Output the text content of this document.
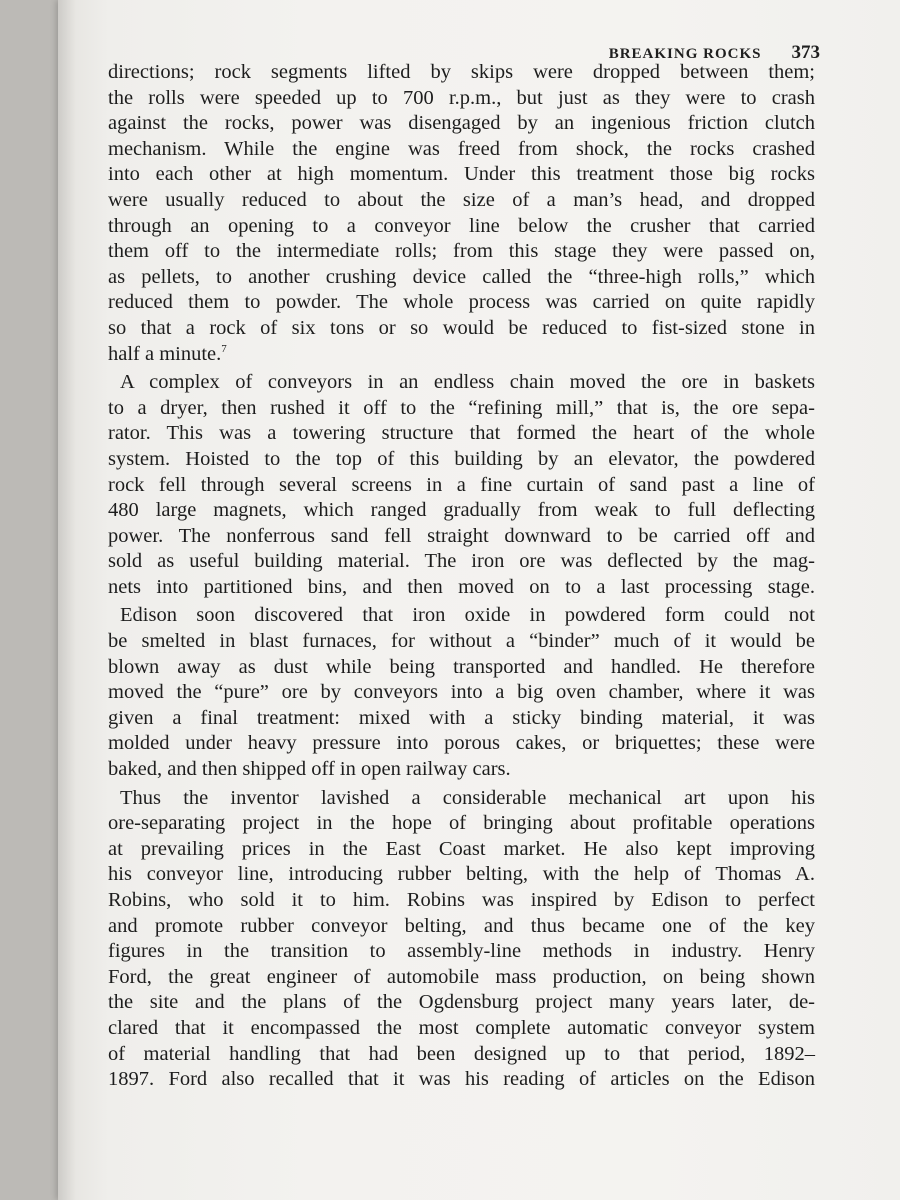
BREAKING ROCKS 373
directions; rock segments lifted by skips were dropped between them;
the rolls were speeded up to 700 r.p.m., but just as they were to crash
against the rocks, power was disengaged by an ingenious friction clutch
mechanism. While the engine was freed from shock, the rocks crashed
into each other at high momentum. Under this treatment those big rocks
were usually reduced to about the size of a man’s head, and dropped
through an opening to a conveyor line below the crusher that carried
them off to the intermediate rolls; from this stage they were passed on,
as pellets, to another crushing device called the “three-high rolls,” which
reduced them to powder. The whole process was carried on quite rapidly
so that a rock of six tons or so would be reduced to fist-sized stone in
half a minute.$^7$
A complex of conveyors in an endless chain moved the ore in baskets
to a dryer, then rushed it off to the “refining mill,” that is, the ore sepa-
rator. This was a towering structure that formed the heart of the whole
system. Hoisted to the top of this building by an elevator, the powdered
rock fell through several screens in a fine curtain of sand past a line of
480 large magnets, which ranged gradually from weak to full deflecting
power. The nonferrous sand fell straight downward to be carried off and
sold as useful building material. The iron ore was deflected by the mag-
nets into partitioned bins, and then moved on to a last processing stage.
Edison soon discovered that iron oxide in powdered form could not
be smelted in blast furnaces, for without a “binder” much of it would be
blown away as dust while being transported and handled. He therefore
moved the “pure” ore by conveyors into a big oven chamber, where it was
given a final treatment: mixed with a sticky binding material, it was
molded under heavy pressure into porous cakes, or briquettes; these were
baked, and then shipped off in open railway cars.
Thus the inventor lavished a considerable mechanical art upon his
ore-separating project in the hope of bringing about profitable operations
at prevailing prices in the East Coast market. He also kept improving
his conveyor line, introducing rubber belting, with the help of Thomas A.
Robins, who sold it to him. Robins was inspired by Edison to perfect
and promote rubber conveyor belting, and thus became one of the key
figures in the transition to assembly-line methods in industry. Henry
Ford, the great engineer of automobile mass production, on being shown
the site and the plans of the Ogdensburg project many years later, de-
clared that it encompassed the most complete automatic conveyor system
of material handling that had been designed up to that period, 1892–
1897. Ford also recalled that it was his reading of articles on the Edison
